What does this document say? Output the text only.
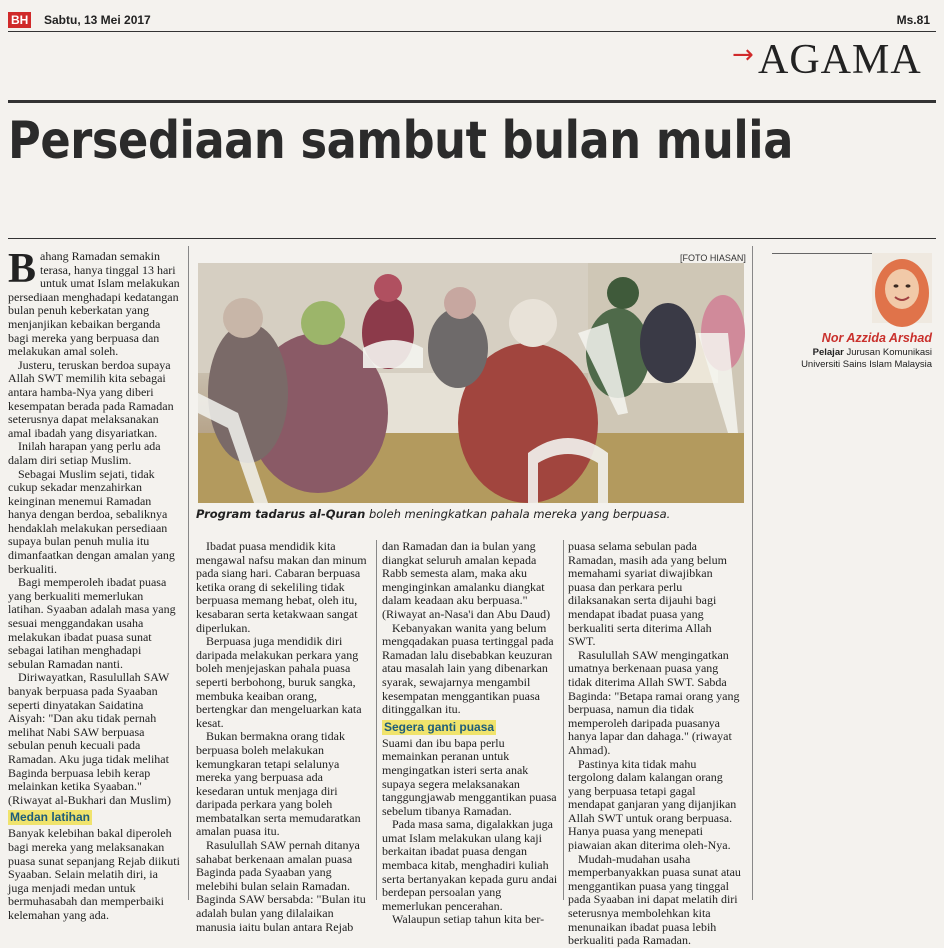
BH Sabtu, 13 Mei 2017	Ms.81
→ AGAMA
Persediaan sambut bulan mulia
B ahang Ramadan semakin terasa, hanya tinggal 13 hari untuk umat Islam melakukan persediaan menghadapi kedatangan bulan penuh keberkatan yang menjanjikan kebaikan berganda bagi mereka yang berpuasa dan melakukan amal soleh.

Justeru, teruskan berdoa supaya Allah SWT memilih kita sebagai antara hamba-Nya yang diberi kesempatan berada pada Ramadan seterusnya dapat melaksanakan amal ibadah yang disyariatkan.

Inilah harapan yang perlu ada dalam diri setiap Muslim.

Sebagai Muslim sejati, tidak cukup sekadar menzahirkan keinginan menemui Ramadan hanya dengan berdoa, sebaliknya hendaklah melakukan persediaan supaya bulan penuh mulia itu dimanfaatkan dengan amalan yang berkualiti.

Bagi memperoleh ibadat puasa yang berkualiti memerlukan latihan. Syaaban adalah masa yang sesuai menggandakan usaha melakukan ibadat puasa sunat sebagai latihan menghadapi sebulan Ramadan nanti.

Diriwayatkan, Rasulullah SAW banyak berpuasa pada Syaaban seperti dinyatakan Saidatina Aisyah: "Dan aku tidak pernah melihat Nabi SAW berpuasa sebulan penuh kecuali pada Ramadan. Aku juga tidak melihat Baginda berpuasa lebih kerap melainkan ketika Syaaban." (Riwayat al-Bukhari dan Muslim)

Medan latihan

Banyak kelebihan bakal diperoleh bagi mereka yang melaksanakan puasa sunat sepanjang Rejab diikuti Syaaban. Selain melatih diri, ia juga menjadi medan untuk bermuhasabah dan memperbaiki kelemahan yang ada.

[FOTO HIASAN]
Program tadarus al-Quran boleh meningkatkan pahala mereka yang berpuasa.

Ibadat puasa mendidik kita mengawal nafsu makan dan minum pada siang hari. Cabaran berpuasa ketika orang di sekeliling tidak berpuasa memang hebat, oleh itu, kesabaran serta ketakwaan sangat diperlukan.

Berpuasa juga mendidik diri daripada melakukan perkara yang boleh menjejaskan pahala puasa seperti berbohong, buruk sangka, membuka keaiban orang, bertengkar dan mengeluarkan kata kesat.

Bukan bermakna orang tidak berpuasa boleh melakukan kemungkaran tetapi selalunya mereka yang berpuasa ada kesedaran untuk menjaga diri daripada perkara yang boleh membatalkan serta memudaratkan amalan puasa itu.

Rasulullah SAW pernah ditanya sahabat berkenaan amalan puasa Baginda pada Syaaban yang melebihi bulan selain Ramadan. Baginda SAW bersabda: "Bulan itu adalah bulan yang dilalaikan manusia iaitu bulan antara Rejab

dan Ramadan dan ia bulan yang diangkat seluruh amalan kepada Rabb semesta alam, maka aku menginginkan amalanku diangkat dalam keadaan aku berpuasa." (Riwayat an-Nasa'i dan Abu Daud)

Kebanyakan wanita yang belum mengqadakan puasa tertinggal pada Ramadan lalu disebabkan keuzuran atau masalah lain yang dibenarkan syarak, sewajarnya mengambil kesempatan menggantikan puasa ditinggalkan itu.

Segera ganti puasa

Suami dan ibu bapa perlu memainkan peranan untuk mengingatkan isteri serta anak supaya segera melaksanakan tanggungjawab menggantikan puasa sebelum tibanya Ramadan.

Pada masa sama, digalakkan juga umat Islam melakukan ulang kaji berkaitan ibadat puasa dengan membaca kitab, menghadiri kuliah serta bertanyakan kepada guru andai berdepan persoalan yang memerlukan pencerahan.

Walaupun setiap tahun kita ber-

puasa selama sebulan pada Ramadan, masih ada yang belum memahami syariat diwajibkan puasa dan perkara perlu dilaksanakan serta dijauhi bagi mendapat ibadat puasa yang berkualiti serta diterima Allah SWT.

Rasulullah SAW mengingatkan umatnya berkenaan puasa yang tidak diterima Allah SWT. Sabda Baginda: "Betapa ramai orang yang berpuasa, namun dia tidak memperoleh daripada puasanya hanya lapar dan dahaga." (riwayat Ahmad).

Pastinya kita tidak mahu tergolong dalam kalangan orang yang berpuasa tetapi gagal mendapat ganjaran yang dijanjikan Allah SWT untuk orang berpuasa. Hanya puasa yang menepati piawaian akan diterima oleh-Nya.

Mudah-mudahan usaha memperbanyakkan puasa sunat atau menggantikan puasa yang tinggal pada Syaaban ini dapat melatih diri seterusnya membolehkan kita menunaikan ibadat puasa lebih berkualiti pada Ramadan.

Nor Azzida Arshad
Pelajar Jurusan Komunikasi Universiti Sains Islam Malaysia
